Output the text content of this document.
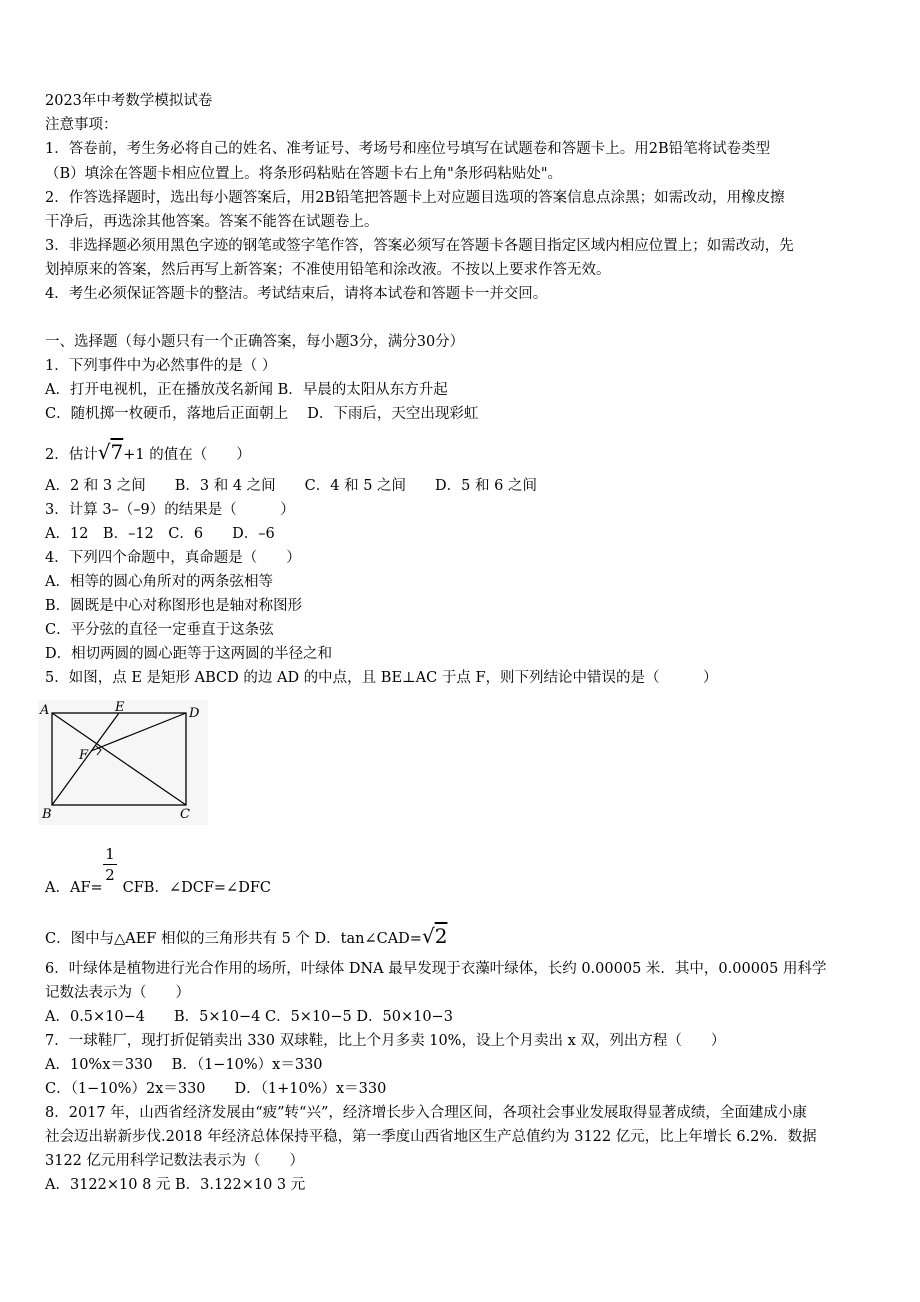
2023年中考数学模拟试卷
注意事项：
1．答卷前，考生务必将自己的姓名、准考证号、考场号和座位号填写在试题卷和答题卡上。用2B铅笔将试卷类型
（B）填涂在答题卡相应位置上。将条形码粘贴在答题卡右上角"条形码粘贴处"。
2．作答选择题时，选出每小题答案后，用2B铅笔把答题卡上对应题目选项的答案信息点涂黑；如需改动，用橡皮擦
干净后，再选涂其他答案。答案不能答在试题卷上。
3．非选择题必须用黑色字迹的钢笔或签字笔作答，答案必须写在答题卡各题目指定区域内相应位置上；如需改动，先
划掉原来的答案，然后再写上新答案；不准使用铅笔和涂改液。不按以上要求作答无效。
4．考生必须保证答题卡的整洁。考试结束后，请将本试卷和答题卡一并交回。
一、选择题（每小题只有一个正确答案，每小题3分，满分30分）
1．下列事件中为必然事件的是（ ）
A．打开电视机，正在播放茂名新闻 B．早晨的太阳从东方升起
C．随机掷一枚硬币，落地后正面朝上　 D．下雨后，天空出现彩虹
2．估计√7+1 的值在（　　）
A．2 和 3 之间　　B．3 和 4 之间　　C．4 和 5 之间　　D．5 和 6 之间
3．计算 3–（–9）的结果是（　　　）
A．12　B．–12　C．6　　D．–6
4．下列四个命题中，真命题是（　　）
A．相等的圆心角所对的两条弦相等
B．圆既是中心对称图形也是轴对称图形
C．平分弦的直径一定垂直于这条弦
D．相切两圆的圆心距等于这两圆的半径之和
5．如图，点 E 是矩形 ABCD 的边 AD 的中点，且 BE⊥AC 于点 F，则下列结论中错误的是（　　　）
A	E	D
F
B	C
1
2
A．AF= CFB．∠DCF=∠DFC
C．图中与△AEF 相似的三角形共有 5 个 D．tan∠CAD=√2
6．叶绿体是植物进行光合作用的场所，叶绿体 DNA 最早发现于衣藻叶绿体，长约 0.00005 米．其中，0.00005 用科学
记数法表示为（　　）
A．0.5×10−4　　B．5×10−4 C．5×10−5 D．50×10−3
7．一球鞋厂，现打折促销卖出 330 双球鞋，比上个月多卖 10%，设上个月卖出 x 双，列出方程（　　）
A．10%x＝330　 B．（1−10%）x＝330
C．（1−10%）2x＝330　　D．（1+10%）x＝330
8．2017 年，山西省经济发展由“疲”转“兴”，经济增长步入合理区间，各项社会事业发展取得显著成绩，全面建成小康
社会迈出崭新步伐.2018 年经济总体保持平稳，第一季度山西省地区生产总值约为 3122 亿元，比上年增长 6.2%．数据
3122 亿元用科学记数法表示为（　　）
A．3122×10 8 元 B．3.122×10 3 元
